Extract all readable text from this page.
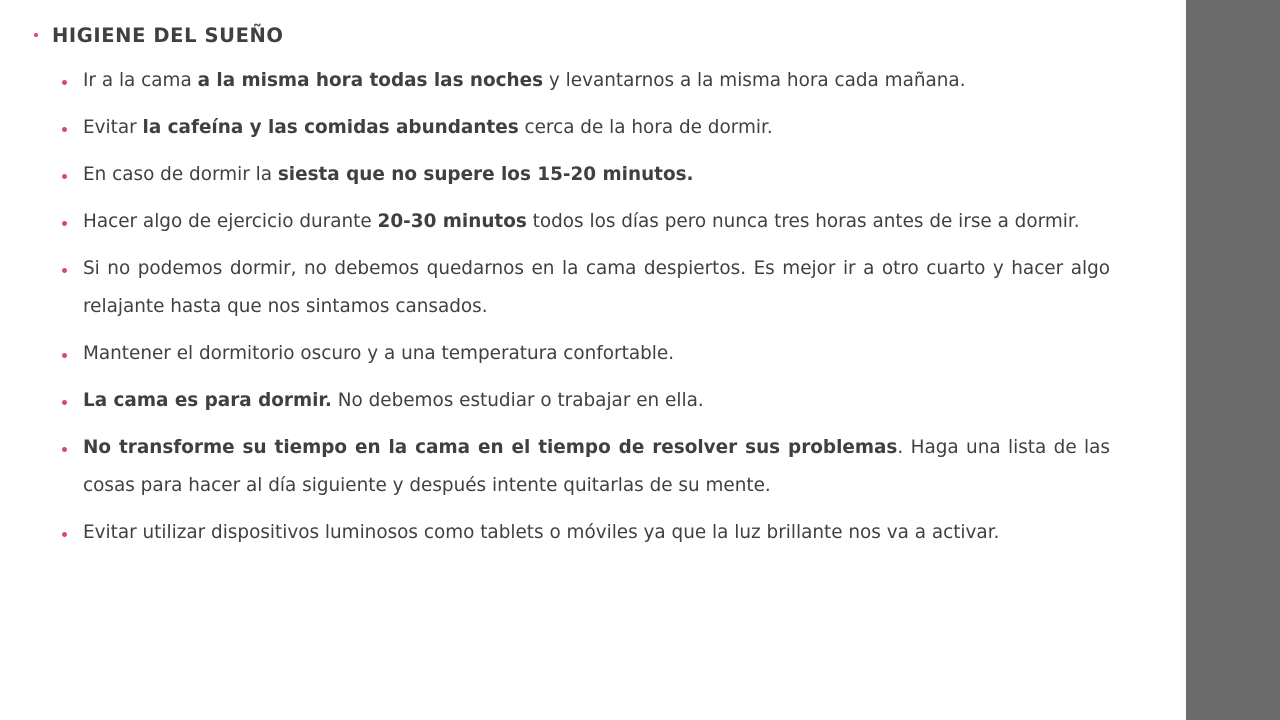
HIGIENE DEL SUEÑO
Ir a la cama a la misma hora todas las noches y levantarnos a la misma hora cada mañana.
Evitar la cafeína y las comidas abundantes cerca de la hora de dormir.
En caso de dormir la siesta que no supere los 15-20 minutos.
Hacer algo de ejercicio durante 20-30 minutos todos los días pero nunca tres horas antes de irse a dormir.
Si no podemos dormir, no debemos quedarnos en la cama despiertos. Es mejor ir a otro cuarto y hacer algo relajante hasta que nos sintamos cansados.
Mantener el dormitorio oscuro y a una temperatura confortable.
La cama es para dormir. No debemos estudiar o trabajar en ella.
No transforme su tiempo en la cama en el tiempo de resolver sus problemas. Haga una lista de las cosas para hacer al día siguiente y después intente quitarlas de su mente.
Evitar utilizar dispositivos luminosos como tablets o móviles ya que la luz brillante nos va a activar.
